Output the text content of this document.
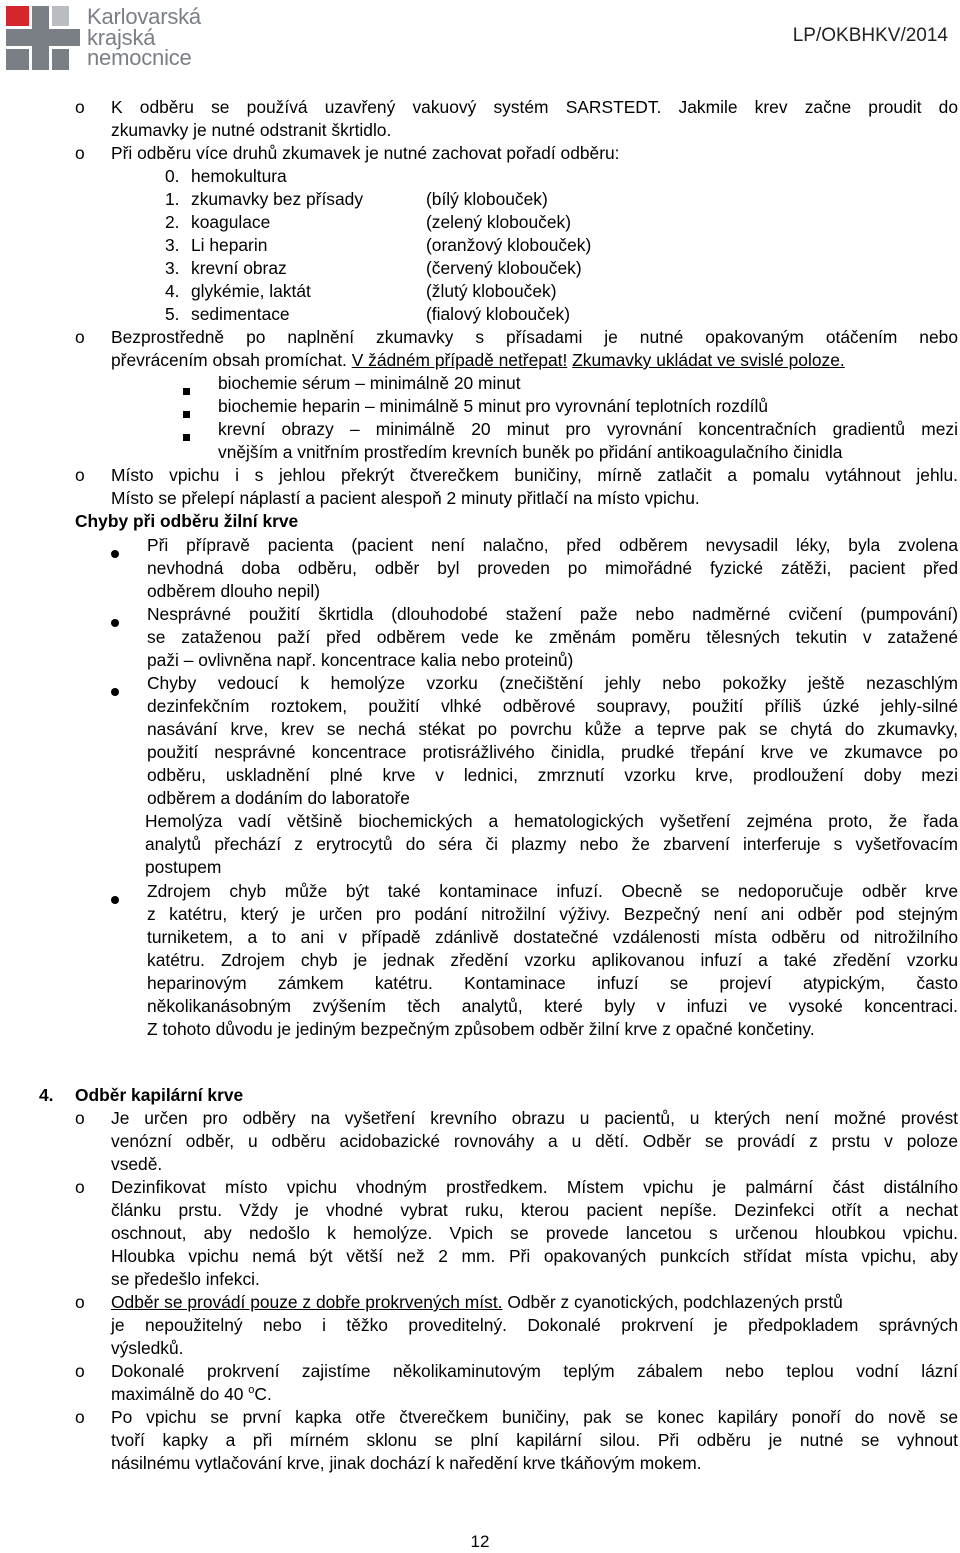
Karlovarská
krajská
nemocnice
LP/OKBHKV/2014
o K odběru se používá uzavřený vakuový systém SARSTEDT. Jakmile krev začne proudit do
zkumavky je nutné odstranit škrtidlo.
o Při odběru více druhů zkumavek je nutné zachovat pořadí odběru:
0. hemokultura
1. zkumavky bez přísady	(bílý klobouček)
2. koagulace	(zelený klobouček)
3. Li heparin	(oranžový klobouček)
3. krevní obraz	(červený klobouček)
4. glykémie, laktát	(žlutý klobouček)
5. sedimentace	(fialový klobouček)
o Bezprostředně po naplnění zkumavky s přísadami je nutné opakovaným otáčením nebo
převrácením obsah promíchat. V žádném případě netřepat! Zkumavky ukládat ve svislé poloze.
biochemie sérum – minimálně 20 minut
biochemie heparin – minimálně 5 minut pro vyrovnání teplotních rozdílů
krevní obrazy – minimálně 20 minut pro vyrovnání koncentračních gradientů mezi
vnějším a vnitřním prostředím krevních buněk po přidání antikoagulačního činidla
o Místo vpichu i s jehlou překrýt čtverečkem buničiny, mírně zatlačit a pomalu vytáhnout jehlu.
Místo se přelepí náplastí a pacient alespoň 2 minuty přitlačí na místo vpichu.
Chyby při odběru žilní krve
Při přípravě pacienta (pacient není nalačno, před odběrem nevysadil léky, byla zvolena
nevhodná doba odběru, odběr byl proveden po mimořádné fyzické zátěži, pacient před
odběrem dlouho nepil)
Nesprávné použití škrtidla (dlouhodobé stažení paže nebo nadměrné cvičení (pumpování)
se zataženou paží před odběrem vede ke změnám poměru tělesných tekutin v zatažené
paži – ovlivněna např. koncentrace kalia nebo proteinů)
Chyby vedoucí k hemolýze vzorku (znečištění jehly nebo pokožky ještě nezaschlým
dezinfekčním roztokem, použití vlhké odběrové soupravy, použití příliš úzké jehly-silné
nasávání krve, krev se nechá stékat po povrchu kůže a teprve pak se chytá do zkumavky,
použití nesprávné koncentrace protisrážlivého činidla, prudké třepání krve ve zkumavce po
odběru, uskladnění plné krve v lednici, zmrznutí vzorku krve, prodloužení doby mezi
odběrem a dodáním do laboratoře
Hemolýza vadí většině biochemických a hematologických vyšetření zejména proto, že řada
analytů přechází z erytrocytů do séra či plazmy nebo že zbarvení interferuje s vyšetřovacím
postupem
Zdrojem chyb může být také kontaminace infuzí. Obecně se nedoporučuje odběr krve
z katétru, který je určen pro podání nitrožilní výživy. Bezpečný není ani odběr pod stejným
turniketem, a to ani v případě zdánlivě dostatečné vzdálenosti místa odběru od nitrožilního
katétru. Zdrojem chyb je jednak zředění vzorku aplikovanou infuzí a také zředění vzorku
heparinovým zámkem katétru. Kontaminace infuzí se projeví atypickým, často
několikanásobným zvýšením těch analytů, které byly v infuzi ve vysoké koncentraci.
Z tohoto důvodu je jediným bezpečným způsobem odběr žilní krve z opačné končetiny.
4. Odběr kapilární krve
o Je určen pro odběry na vyšetření krevního obrazu u pacientů, u kterých není možné provést
venózní odběr, u odběru acidobazické rovnováhy a u dětí. Odběr se provádí z prstu v poloze
vsedě.
o Dezinfikovat místo vpichu vhodným prostředkem. Místem vpichu je palmární část distálního
článku prstu. Vždy je vhodné vybrat ruku, kterou pacient nepíše. Dezinfekci otřít a nechat
oschnout, aby nedošlo k hemolýze. Vpich se provede lancetou s určenou hloubkou vpichu.
Hloubka vpichu nemá být větší než 2 mm. Při opakovaných punkcích střídat místa vpichu, aby
se předešlo infekci.
o Odběr se provádí pouze z dobře prokrvených míst. Odběr z cyanotických, podchlazených prstů
je nepoužitelný nebo i těžko proveditelný. Dokonalé prokrvení je předpokladem správných
výsledků.
o Dokonalé prokrvení zajistíme několikaminutovým teplým zábalem nebo teplou vodní lázní
maximálně do 40 $^o$C.
o Po vpichu se první kapka otře čtverečkem buničiny, pak se konec kapiláry ponoří do nově se
tvoří kapky a při mírném sklonu se plní kapilární silou. Při odběru je nutné se vyhnout
násilnému vytlačování krve, jinak dochází k naředění krve tkáňovým mokem.
12
